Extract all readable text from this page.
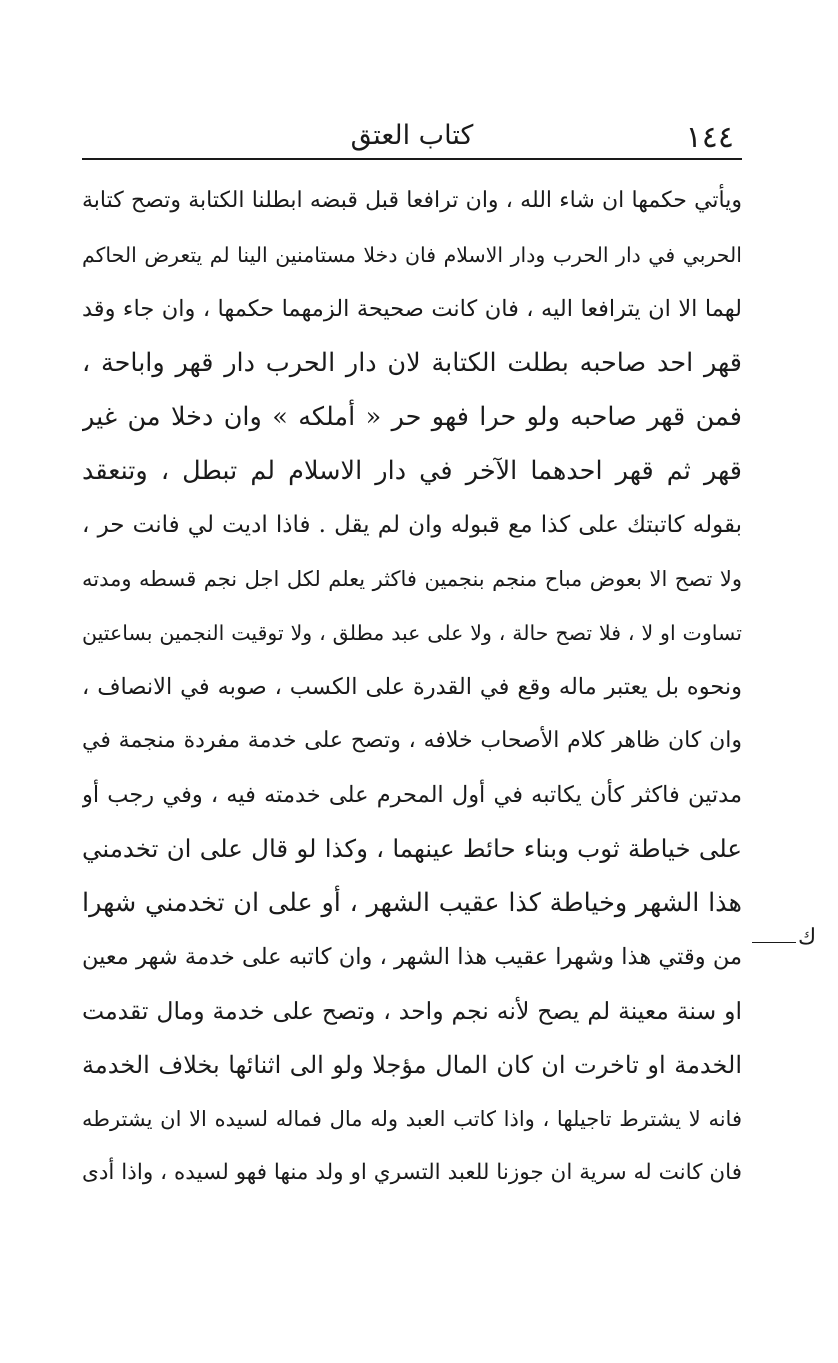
١٤٤
كتاب العتق
ويأتي حكمها ان شاء الله ، وان ترافعا قبل قبضه ابطلنا الكتابة وتصح كتابة
الحربي في دار الحرب ودار الاسلام فان دخلا مستامنين الينا لم يتعرض الحاكم
لهما الا ان يترافعا اليه ، فان كانت صحيحة الزمهما حكمها ، وان جاء وقد
قهر احد صاحبه بطلت الكتابة لان دار الحرب دار قهر واباحة ،
فمن قهر صاحبه ولو حرا فهو حر « أملكه » وان دخلا من غير
قهر ثم قهر احدهما الآخر في دار الاسلام لم تبطل ، وتنعقد
بقوله كاتبتك على كذا مع قبوله وان لم يقل . فاذا اديت لي فانت حر ،
ولا تصح الا بعوض مباح منجم بنجمين فاكثر يعلم لكل اجل نجم قسطه ومدته
تساوت او لا ، فلا تصح حالة ، ولا على عبد مطلق ، ولا توقيت النجمين بساعتين
ونحوه بل يعتبر ماله وقع في القدرة على الكسب ، صوبه في الانصاف ،
وان كان ظاهر كلام الأصحاب خلافه ، وتصح على خدمة مفردة منجمة في
مدتين فاكثر كأن يكاتبه في أول المحرم على خدمته فيه ، وفي رجب أو
على خياطة ثوب وبناء حائط عينهما ، وكذا لو قال على ان تخدمني
هذا الشهر وخياطة كذا عقيب الشهر ، أو على ان تخدمني شهرا
من وقتي هذا وشهرا عقيب هذا الشهر ، وان كاتبه على خدمة شهر معين
او سنة معينة لم يصح لأنه نجم واحد ، وتصح على خدمة ومال تقدمت
الخدمة او تاخرت ان كان المال مؤجلا ولو الى اثنائها بخلاف الخدمة
فانه لا يشترط تاجيلها ، واذا كاتب العبد وله مال فماله لسيده الا ان يشترطه
فان كانت له سرية ان جوزنا للعبد التسري او ولد منها فهو لسيده ، واذا أدى
ك
